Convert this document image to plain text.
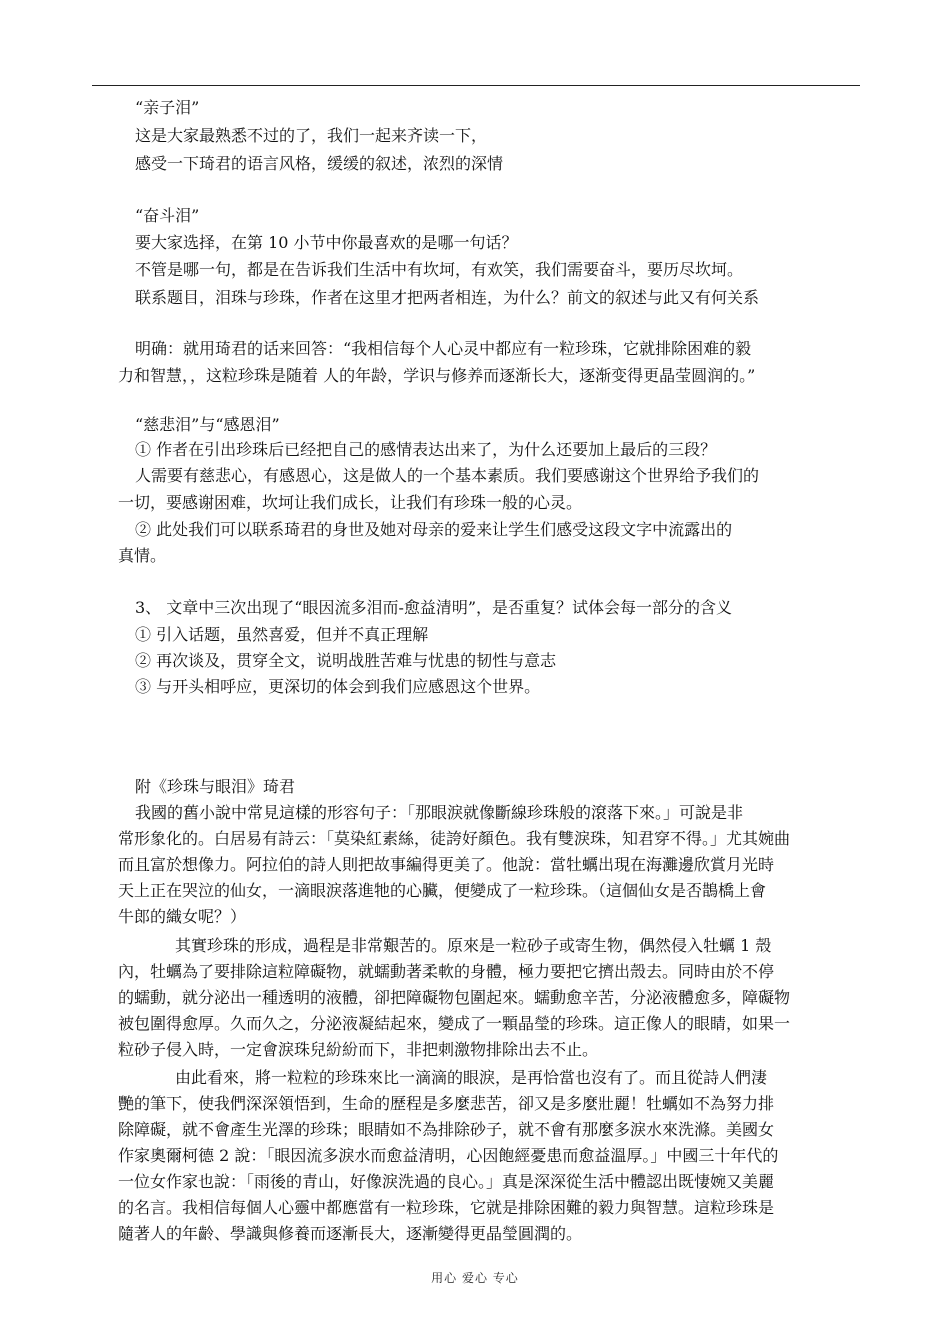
“亲子泪”
这是大家最熟悉不过的了，我们一起来齐读一下，
感受一下琦君的语言风格，缓缓的叙述，浓烈的深情
“奋斗泪”
要大家选择，在第 10 小节中你最喜欢的是哪一句话？
不管是哪一句，都是在告诉我们生活中有坎坷，有欢笑，我们需要奋斗，要历尽坎坷。
联系题目，泪珠与珍珠，作者在这里才把两者相连，为什么？前文的叙述与此又有何关系
明确：就用琦君的话来回答：“我相信每个人心灵中都应有一粒珍珠，它就排除困难的毅
力和智慧，，这粒珍珠是随着 人的年龄，学识与修养而逐渐长大，逐渐变得更晶莹圆润的。”
“慈悲泪”与“感恩泪”
① 作者在引出珍珠后已经把自己的感情表达出来了，为什么还要加上最后的三段？
人需要有慈悲心，有感恩心，这是做人的一个基本素质。我们要感谢这个世界给予我们的
一切，要感谢困难，坎坷让我们成长，让我们有珍珠一般的心灵。
② 此处我们可以联系琦君的身世及她对母亲的爱来让学生们感受这段文字中流露出的
真情。
3、 文章中三次出现了“眼因流多泪而-愈益清明”，是否重复？试体会每一部分的含义
① 引入话题，虽然喜爱，但并不真正理解
② 再次谈及，贯穿全文，说明战胜苦难与忧患的韧性与意志
③ 与开头相呼应，更深切的体会到我们应感恩这个世界。
附《珍珠与眼泪》琦君
我國的舊小說中常見這樣的形容句子：「那眼淚就像斷線珍珠般的滾落下來。」可說是非
常形象化的。白居易有詩云：「莫染紅素絲，徒誇好顏色。我有雙淚珠，知君穿不得。」尤其婉曲
而且富於想像力。阿拉伯的詩人則把故事編得更美了。他說：當牡蠣出現在海灘邊欣賞月光時
天上正在哭泣的仙女，一滴眼淚落進牠的心臟，便變成了一粒珍珠。（這個仙女是否鵲橋上會
牛郎的織女呢？）
其實珍珠的形成，過程是非常艱苦的。原來是一粒砂子或寄生物，偶然侵入牡蠣 1 殼
內，牡蠣為了要排除這粒障礙物，就蠕動著柔軟的身體，極力要把它擠出殼去。同時由於不停
的蠕動，就分泌出一種透明的液體，卻把障礙物包圍起來。蠕動愈辛苦，分泌液體愈多，障礙物
被包圍得愈厚。久而久之，分泌液凝結起來，變成了一顆晶瑩的珍珠。這正像人的眼睛，如果一
粒砂子侵入時，一定會淚珠兒紛紛而下，非把刺激物排除出去不止。
由此看來，將一粒粒的珍珠來比一滴滴的眼淚，是再恰當也沒有了。而且從詩人們淒
艷的筆下，使我們深深領悟到，生命的歷程是多麼悲苦，卻又是多麼壯麗！牡蠣如不為努力排
除障礙，就不會產生光澤的珍珠；眼睛如不為排除砂子，就不會有那麼多淚水來洗滌。美國女
作家奧爾柯德 2 說：「眼因流多淚水而愈益清明，心因飽經憂患而愈益溫厚。」中國三十年代的
一位女作家也說：「雨後的青山，好像淚洗過的良心。」真是深深從生活中體認出既悽婉又美麗
的名言。我相信每個人心靈中都應當有一粒珍珠，它就是排除困難的毅力與智慧。這粒珍珠是
隨著人的年齡、學識與修養而逐漸長大，逐漸變得更晶瑩圓潤的。
用心 爱心 专心
